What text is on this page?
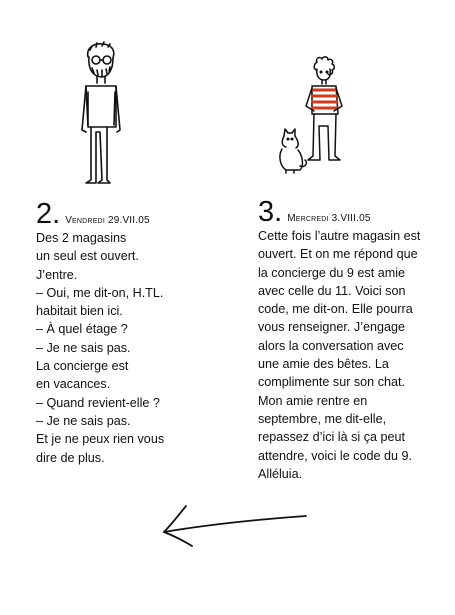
2. Vendredi 29.VII.05
Des 2 magasins
un seul est ouvert.
J’entre.
– Oui, me dit-on, H.TL.
habitait bien ici.
– À quel étage ?
– Je ne sais pas.
La concierge est
en vacances.
– Quand revient-elle ?
– Je ne sais pas.
Et je ne peux rien vous
dire de plus.
3. Mercredi 3.VIII.05
Cette fois l’autre magasin est
ouvert. Et on me répond que
la concierge du 9 est amie
avec celle du 11. Voici son
code, me dit-on. Elle pourra
vous renseigner. J’engage
alors la conversation avec
une amie des bêtes. La
complimente sur son chat.
Mon amie rentre en
septembre, me dit-elle,
repassez d’ici là si ça peut
attendre, voici le code du 9.
Alléluia.
